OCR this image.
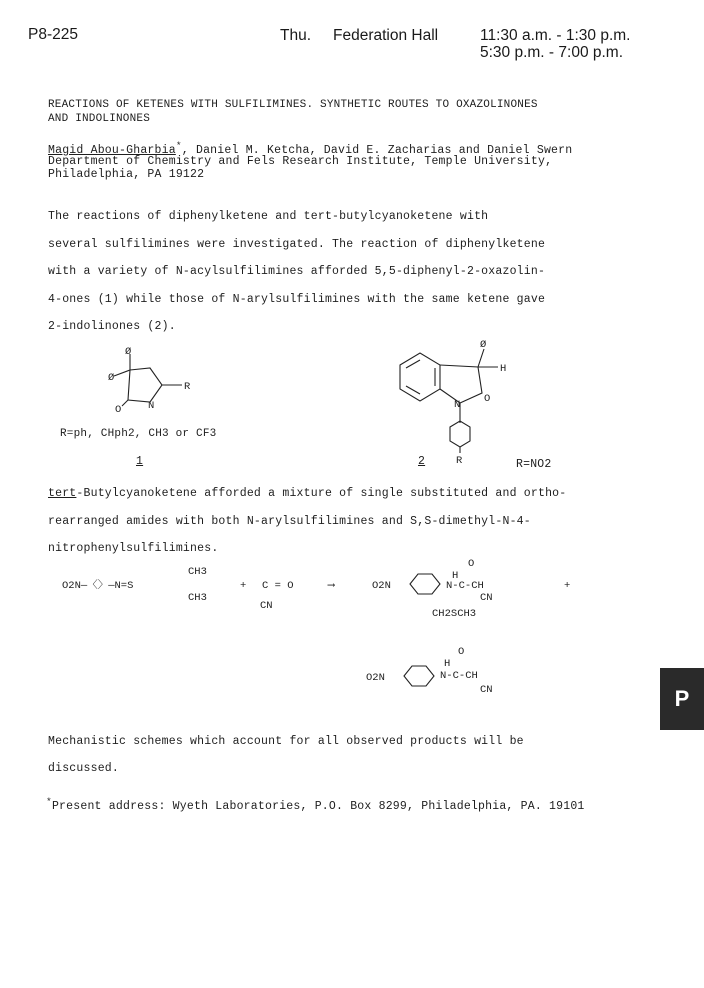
P8-225	Thu. Federation Hall	11:30 a.m. - 1:30 p.m.
5:30 p.m. - 7:00 p.m.
REACTIONS OF KETENES WITH SULFILIMINES. SYNTHETIC ROUTES TO OXAZOLINONES
AND INDOLINONES
Magid Abou-Gharbia*, Daniel M. Ketcha, David E. Zacharias and Daniel Swern
Department of Chemistry and Fels Research Institute, Temple University,
Philadelphia, PA 19122
The reactions of diphenylketene and tert-butylcyanoketene with
several sulfilimines were investigated. The reaction of diphenylketene
with a variety of N-acylsulfilimines afforded 5,5-diphenyl-2-oxazolin-
4-ones (1) while those of N-arylsulfilimines with the same ketene gave
2-indolinones (2).
Ø
Ø
O	N
R
R=ph, CHph2, CH3 or CF3
1
Ø
H
N O
R
2	R=NO2
tert-Butylcyanoketene afforded a mixture of single substituted and ortho-
rearranged amides with both N-arylsulfilimines and S,S-dimethyl-N-4-
nitrophenylsulfilimines.
O2N—〈〉—N=S
CH3
CH3
+ C = O
CN
⟶	O2N
H
O
N-C-CH
CN
CH2SCH3
+
O2N
H
O
N-C-CH
CN
Mechanistic schemes which account for all observed products will be
discussed.
*Present address: Wyeth Laboratories, P.O. Box 8299, Philadelphia, PA. 19101
P
